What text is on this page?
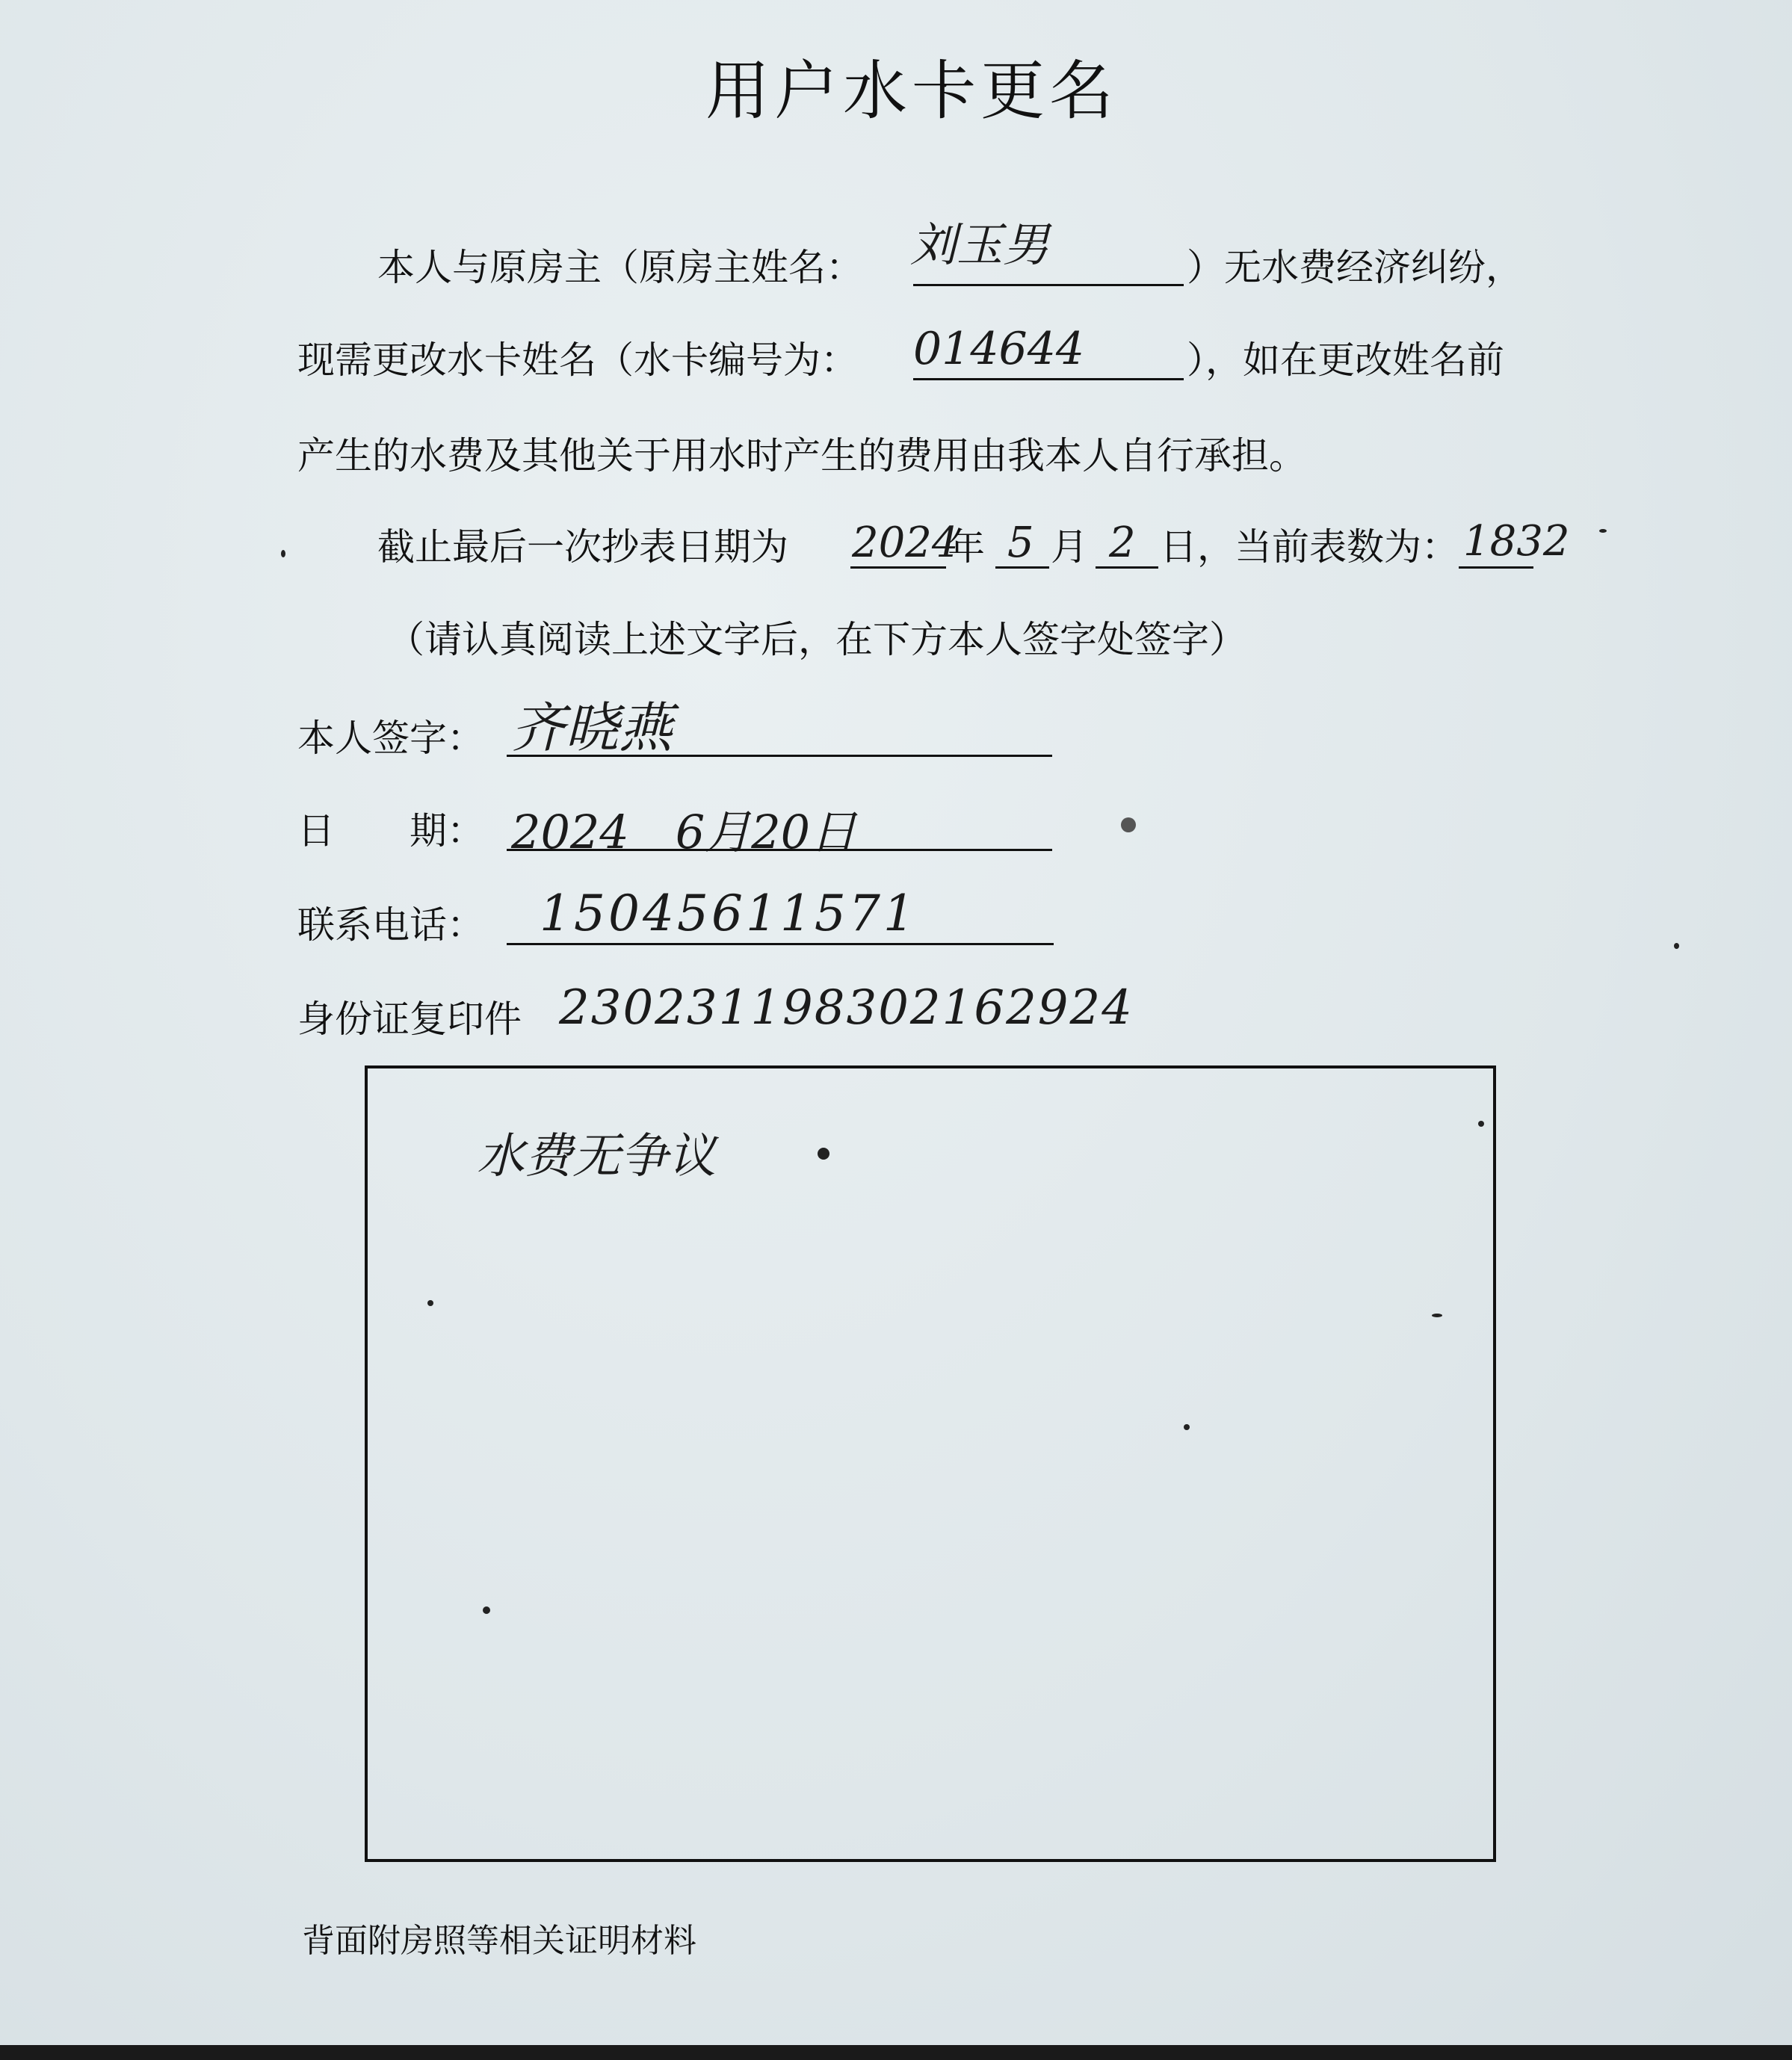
用户水卡更名
本人与原房主（原房主姓名： 刘玉男	）无水费经济纠纷，
现需更改水卡姓名（水卡编号为： 014644	），如在更改姓名前
产生的水费及其他关于用水时产生的费用由我本人自行承担。
截止最后一次抄表日期为 2024
年 5 月 2 日，当前表数为： 1832
（请认真阅读上述文字后，在下方本人签字处签字）
本人签字： 齐晓燕
日　　期： 2024　6月20日
联系电话： 15045611571
身份证复印件 230231198302162924
水费无争议
背面附房照等相关证明材料
